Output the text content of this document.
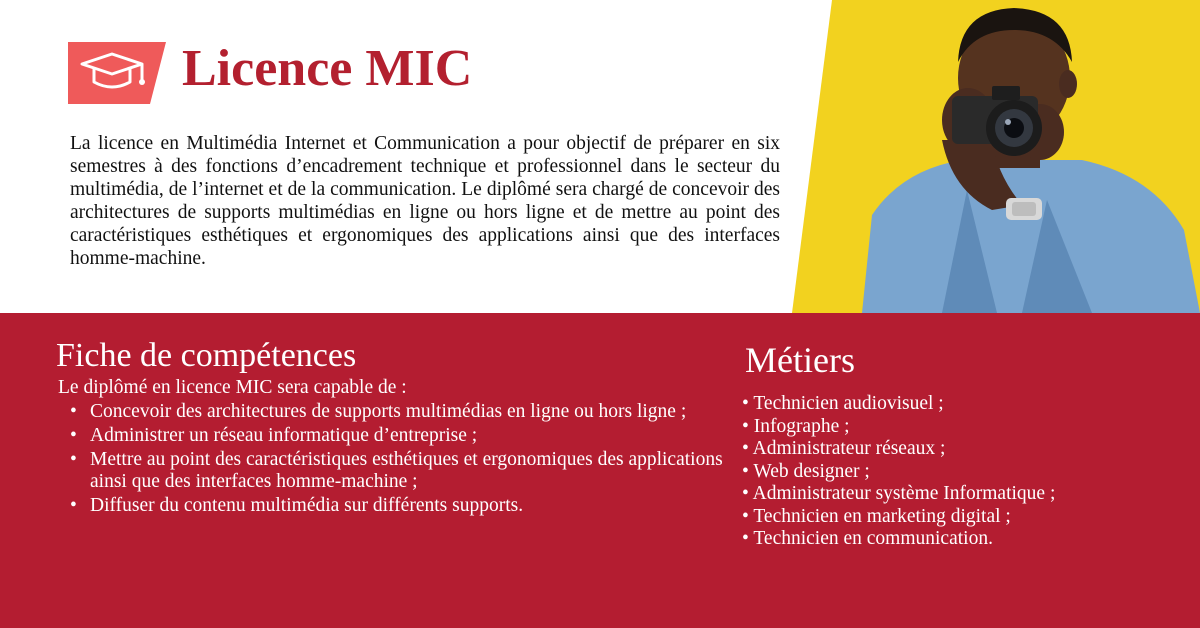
Licence MIC

La licence en Multimédia Internet et Communication a pour objectif de préparer en six semestres à des fonctions d’encadrement technique et professionnel dans le secteur du multimédia, de l’internet et de la communication. Le diplômé sera chargé de concevoir des architectures de supports multimédias en ligne ou hors ligne et de mettre au point des caractéristiques esthétiques et ergonomiques des applications ainsi que des interfaces homme-machine.

Fiche de compétences

Le diplômé en licence MIC sera capable de :

• Concevoir des architectures de supports multimédias en ligne ou hors ligne ;
• Administrer un réseau informatique d’entreprise ;
• Mettre au point des caractéristiques esthétiques et ergonomiques des applications ainsi que des interfaces homme-machine ;
• Diffuser du contenu multimédia sur différents supports.
Métiers
• Technicien audiovisuel ;
• Infographe ;
• Administrateur réseaux ;
• Web designer ;
• Administrateur système Informatique ;
• Technicien en marketing digital ;
• Technicien en communication.
